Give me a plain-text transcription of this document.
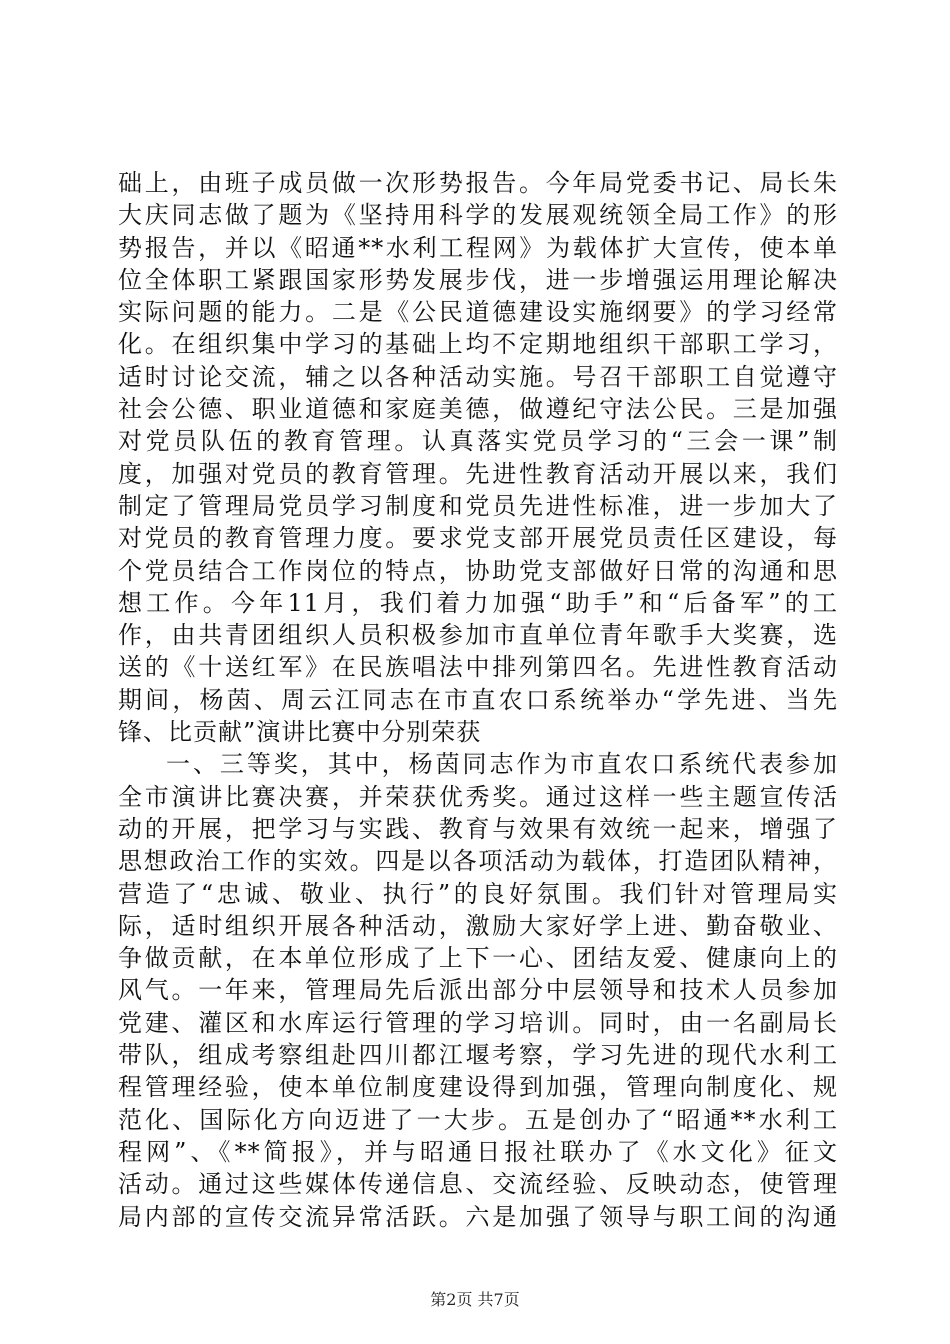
础上，由班子成员做一次形势报告。今年局党委书记、局长朱
大庆同志做了题为《坚持用科学的发展观统领全局工作》的形
势报告，并以《昭通**水利工程网》为载体扩大宣传，使本单
位全体职工紧跟国家形势发展步伐，进一步增强运用理论解决
实际问题的能力。二是《公民道德建设实施纲要》的学习经常
化。在组织集中学习的基础上均不定期地组织干部职工学习，
适时讨论交流，辅之以各种活动实施。号召干部职工自觉遵守
社会公德、职业道德和家庭美德，做遵纪守法公民。三是加强
对党员队伍的教育管理。认真落实党员学习的“三会一课”制
度，加强对党员的教育管理。先进性教育活动开展以来，我们
制定了管理局党员学习制度和党员先进性标准，进一步加大了
对党员的教育管理力度。要求党支部开展党员责任区建设，每
个党员结合工作岗位的特点，协助党支部做好日常的沟通和思
想工作。今年11月，我们着力加强“助手”和“后备军”的工
作，由共青团组织人员积极参加市直单位青年歌手大奖赛，选
送的《十送红军》在民族唱法中排列第四名。先进性教育活动
期间，杨茵、周云江同志在市直农口系统举办“学先进、当先
锋、比贡献”演讲比赛中分别荣获
一、三等奖，其中，杨茵同志作为市直农口系统代表参加
全市演讲比赛决赛，并荣获优秀奖。通过这样一些主题宣传活
动的开展，把学习与实践、教育与效果有效统一起来，增强了
思想政治工作的实效。四是以各项活动为载体，打造团队精神，
营造了“忠诚、敬业、执行”的良好氛围。我们针对管理局实
际，适时组织开展各种活动，激励大家好学上进、勤奋敬业、
争做贡献，在本单位形成了上下一心、团结友爱、健康向上的
风气。一年来，管理局先后派出部分中层领导和技术人员参加
党建、灌区和水库运行管理的学习培训。同时，由一名副局长
带队，组成考察组赴四川都江堰考察，学习先进的现代水利工
程管理经验，使本单位制度建设得到加强，管理向制度化、规
范化、国际化方向迈进了一大步。五是创办了“昭通**水利工
程网”、《**简报》，并与昭通日报社联办了《水文化》征文
活动。通过这些媒体传递信息、交流经验、反映动态，使管理
局内部的宣传交流异常活跃。六是加强了领导与职工间的沟通
第2页 共7页
